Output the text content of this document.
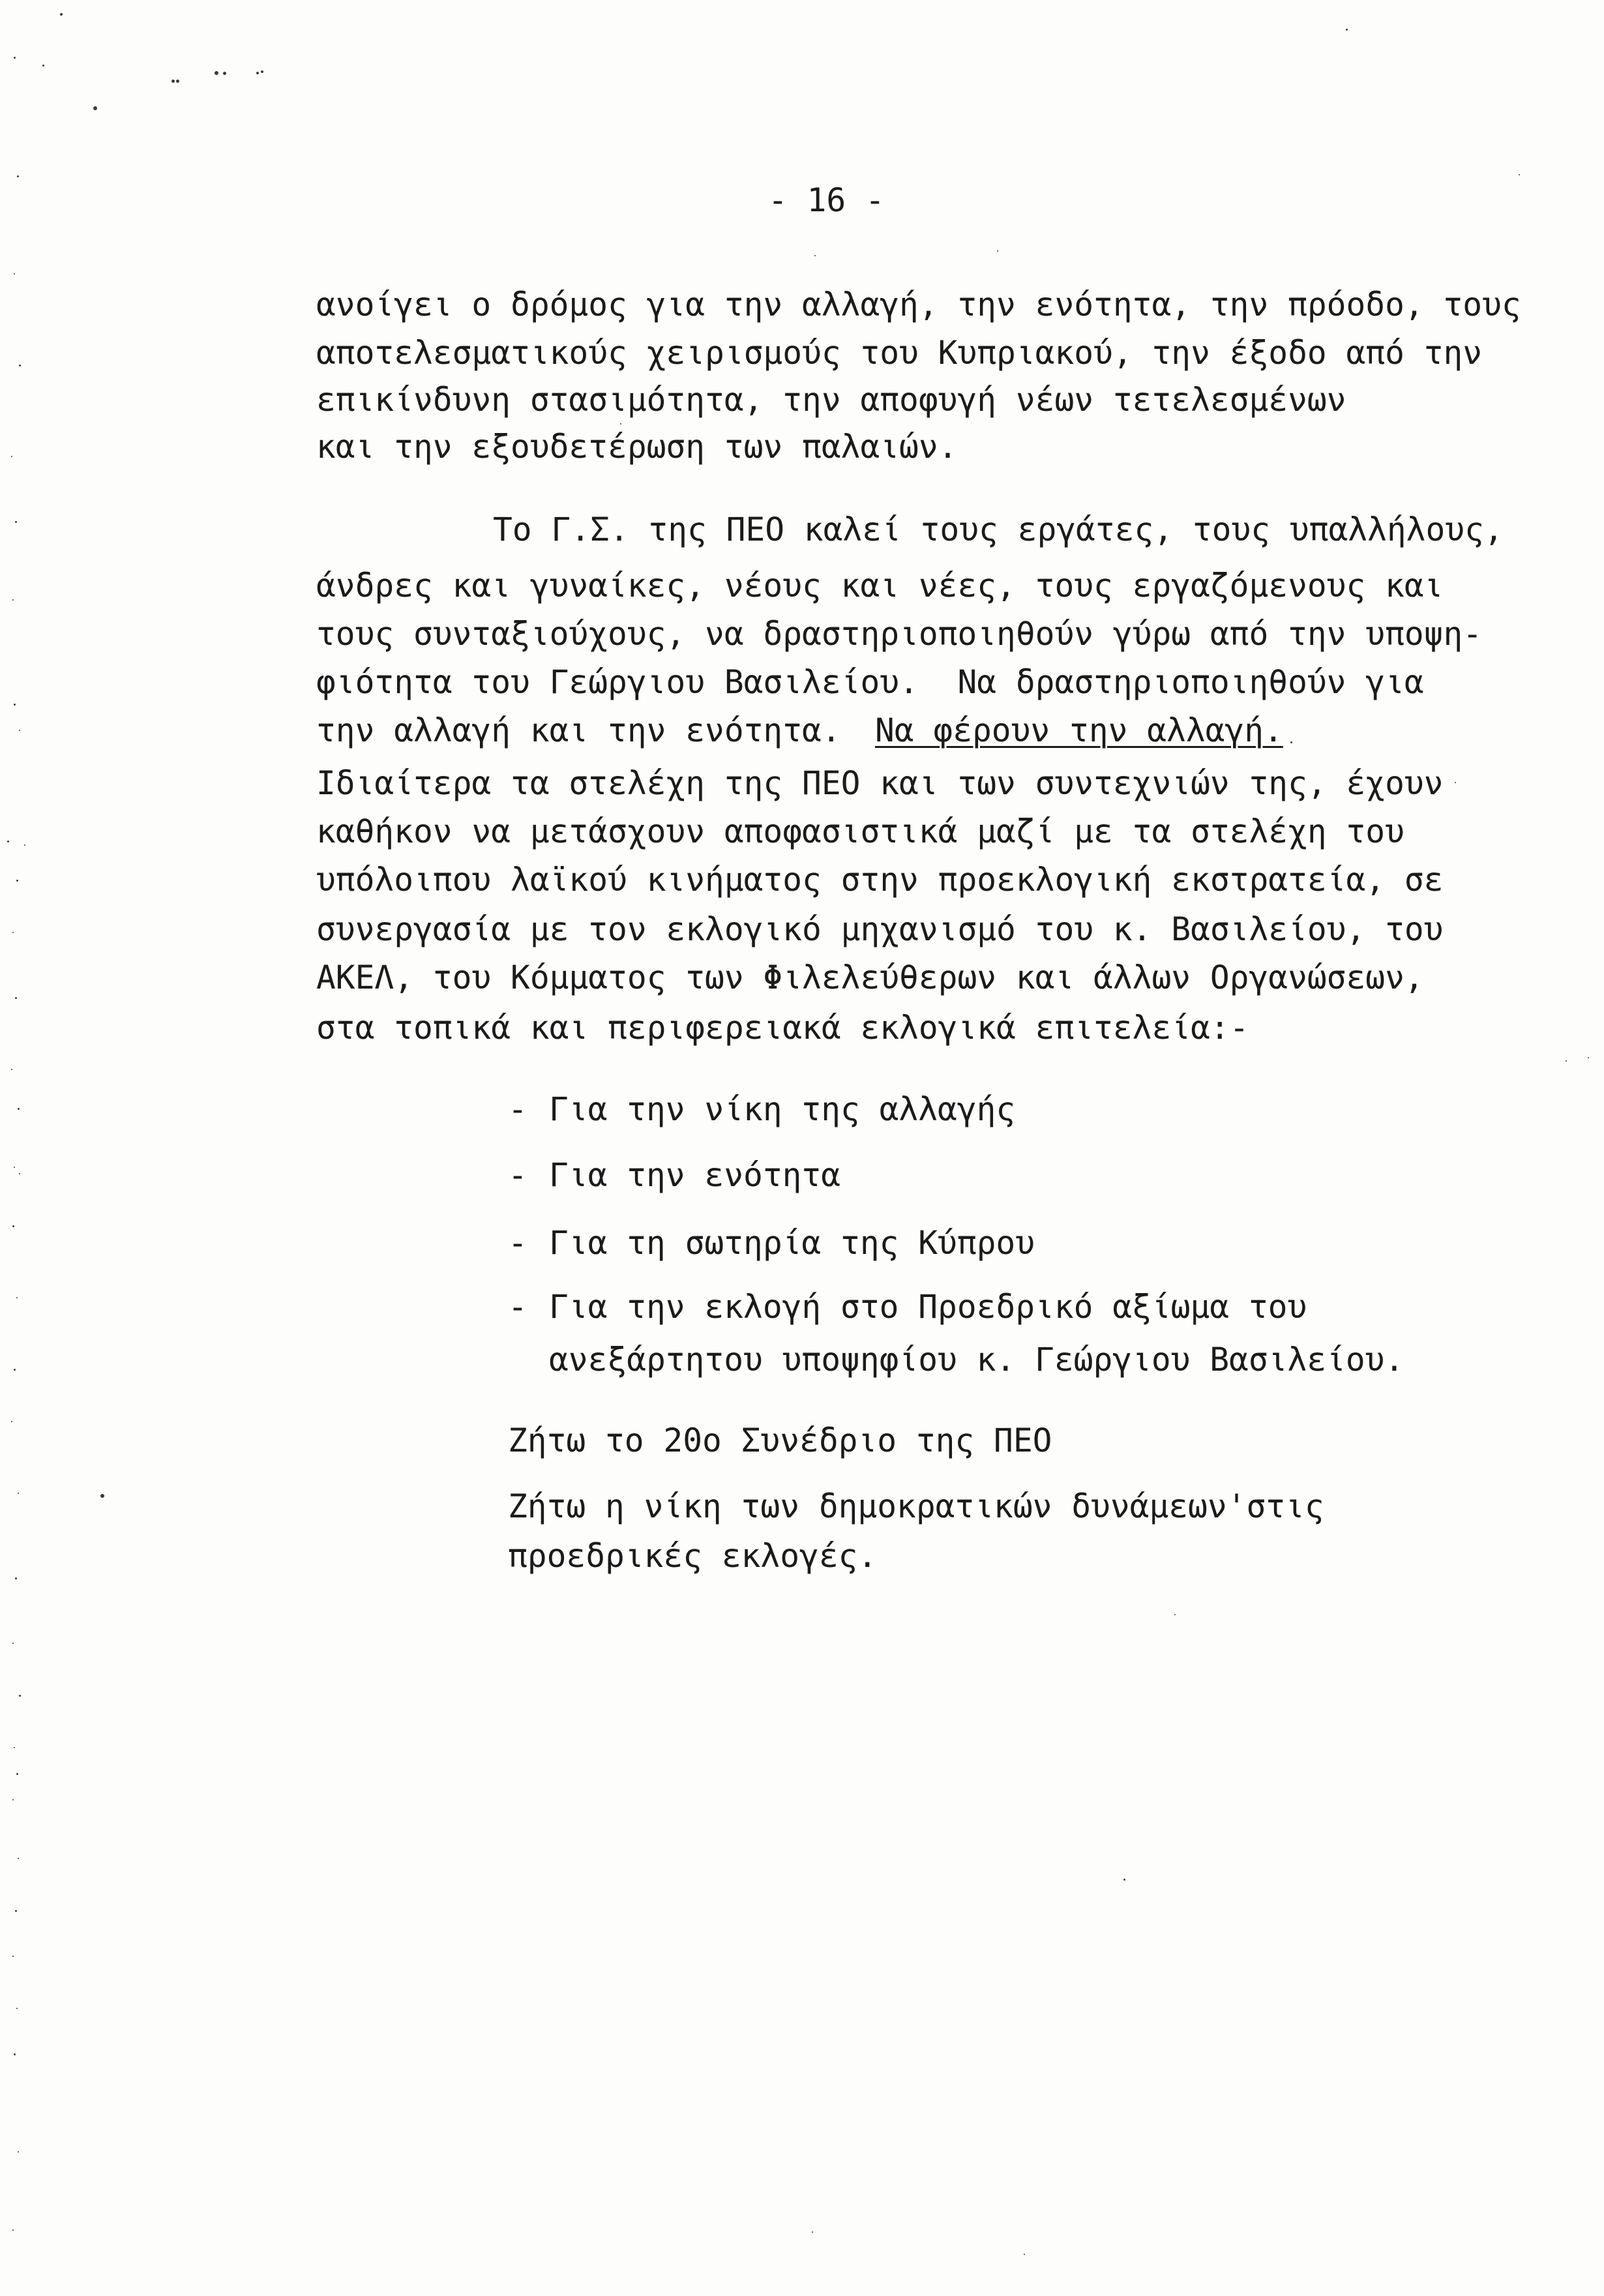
- 16 -
ανοίγει ο δρόμος για την αλλαγή, την ενότητα, την πρόοδο, τους
αποτελεσματικούς χειρισμούς του Κυπριακού, την έξοδο από την
επικίνδυνη στασιμότητα, την αποφυγή νέων τετελεσμένων
και την εξουδετέρωση των παλαιών.
Το Γ.Σ. της ΠΕΟ καλεί τους εργάτες, τους υπαλλήλους,
άνδρες και γυναίκες, νέους και νέες, τους εργαζόμενους και
τους συνταξιούχους, να δραστηριοποιηθούν γύρω από την υποψη-
φιότητα του Γεώργιου Βασιλείου.  Να δραστηριοποιηθούν για
την αλλαγή και την ενότητα. Να φέρουν την αλλαγή.
Ιδιαίτερα τα στελέχη της ΠΕΟ και των συντεχνιών της, έχουν
καθήκον να μετάσχουν αποφασιστικά μαζί με τα στελέχη του
υπόλοιπου λαϊκού κινήματος στην προεκλογική εκστρατεία, σε
συνεργασία με τον εκλογικό μηχανισμό του κ. Βασιλείου, του
ΑΚΕΛ, του Κόμματος των Φιλελεύθερων και άλλων Οργανώσεων,
στα τοπικά και περιφερειακά εκλογικά επιτελεία:-
- Για την νίκη της αλλαγής
- Για την ενότητα
- Για τη σωτηρία της Κύπρου
- Για την εκλογή στο Προεδρικό αξίωμα του
ανεξάρτητου υποψηφίου κ. Γεώργιου Βασιλείου.
Ζήτω το 20ο Συνέδριο της ΠΕΟ
Ζήτω η νίκη των δημοκρατικών δυνάμεων'στις
προεδρικές εκλογές.
